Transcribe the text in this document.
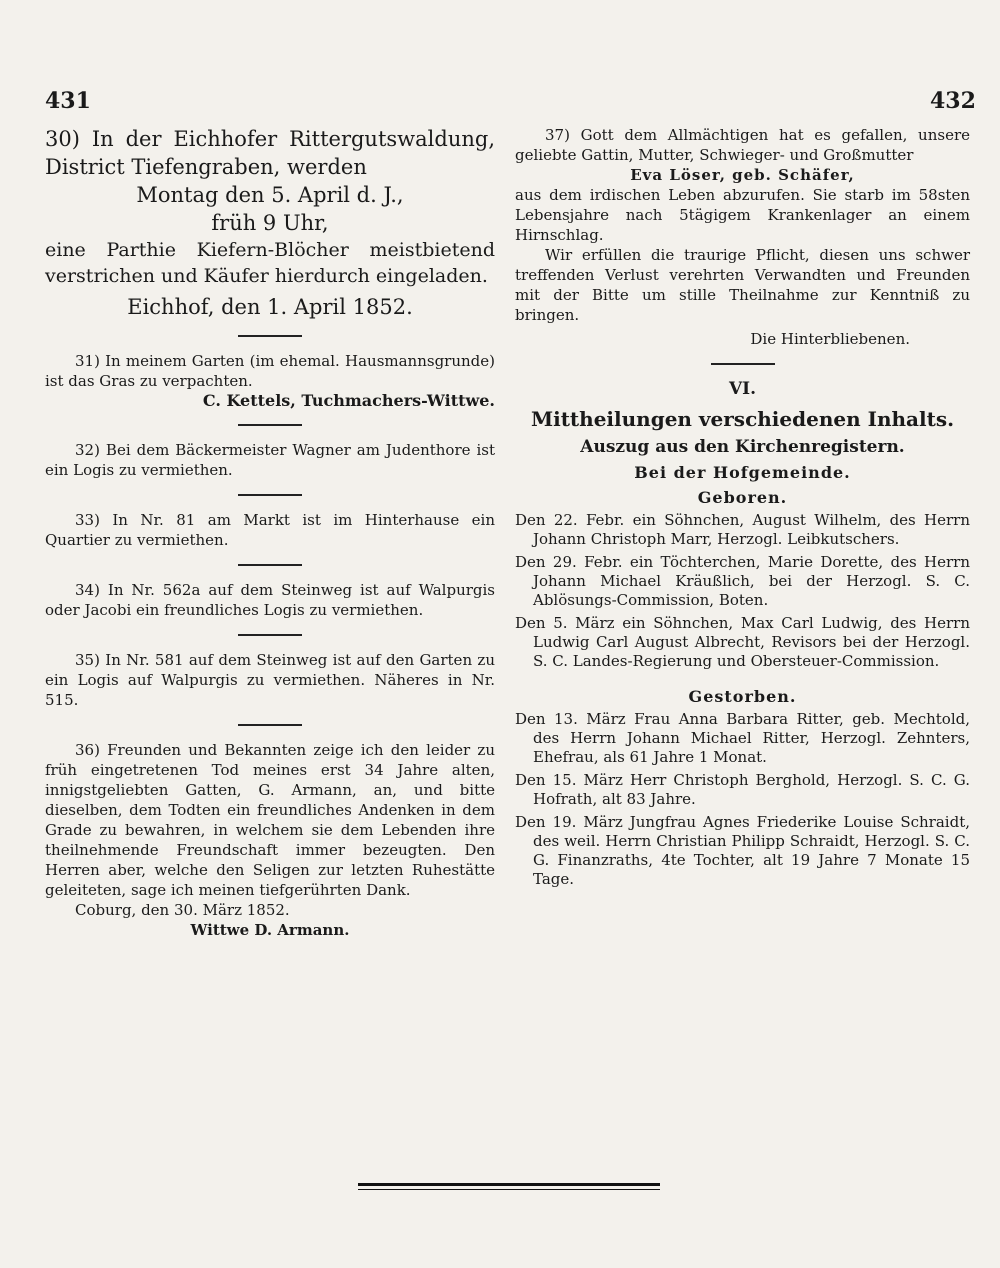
431	432

30) In der Eichhofer Rittergutswaldung, District Tiefengraben, werden

Montag den 5. April d. J.,

früh 9 Uhr,

eine Parthie Kiefern-Blöcher meistbietend verstrichen und Käufer hierdurch eingeladen.

Eichhof, den 1. April 1852.

31) In meinem Garten (im ehemal. Hausmannsgrunde) ist das Gras zu verpachten.

C. Kettels, Tuchmachers-Wittwe.

32) Bei dem Bäckermeister Wagner am Judenthore ist ein Logis zu vermiethen.

33) In Nr. 81 am Markt ist im Hinterhause ein Quartier zu vermiethen.

34) In Nr. 562a auf dem Steinweg ist auf Walpurgis oder Jacobi ein freundliches Logis zu vermiethen.

35) In Nr. 581 auf dem Steinweg ist auf den Garten zu ein Logis auf Walpurgis zu vermiethen. Näheres in Nr. 515.

36) Freunden und Bekannten zeige ich den leider zu früh eingetretenen Tod meines erst 34 Jahre alten, innigstgeliebten Gatten, G. Armann, an, und bitte dieselben, dem Todten ein freundliches Andenken in dem Grade zu bewahren, in welchem sie dem Lebenden ihre theilnehmende Freundschaft immer bezeugten. Den Herren aber, welche den Seligen zur letzten Ruhestätte geleiteten, sage ich meinen tiefgerührten Dank.

Coburg, den 30. März 1852.

Wittwe D. Armann.

37) Gott dem Allmächtigen hat es gefallen, unsere geliebte Gattin, Mutter, Schwieger- und Großmutter

Eva Löser, geb. Schäfer,

aus dem irdischen Leben abzurufen. Sie starb im 58sten Lebensjahre nach 5tägigem Krankenlager an einem Hirnschlag.

Wir erfüllen die traurige Pflicht, diesen uns schwer treffenden Verlust verehrten Verwandten und Freunden mit der Bitte um stille Theilnahme zur Kenntniß zu bringen.

Die Hinterbliebenen.

VI.

Mittheilungen verschiedenen Inhalts.

Auszug aus den Kirchenregistern.

Bei der Hofgemeinde.

Geboren.

Den 22. Febr. ein Söhnchen, August Wilhelm, des Herrn Johann Christoph Marr, Herzogl. Leibkutschers.

Den 29. Febr. ein Töchterchen, Marie Dorette, des Herrn Johann Michael Kräußlich, bei der Herzogl. S. C. Ablösungs-Commission, Boten.

Den 5. März ein Söhnchen, Max Carl Ludwig, des Herrn Ludwig Carl August Albrecht, Revisors bei der Herzogl. S. C. Landes-Regierung und Obersteuer-Commission.

Gestorben.

Den 13. März Frau Anna Barbara Ritter, geb. Mechtold, des Herrn Johann Michael Ritter, Herzogl. Zehnters, Ehefrau, als 61 Jahre 1 Monat.

Den 15. März Herr Christoph Berghold, Herzogl. S. C. G. Hofrath, alt 83 Jahre.

Den 19. März Jungfrau Agnes Friederike Louise Schraidt, des weil. Herrn Christian Philipp Schraidt, Herzogl. S. C. G. Finanzraths, 4te Tochter, alt 19 Jahre 7 Monate 15 Tage.
